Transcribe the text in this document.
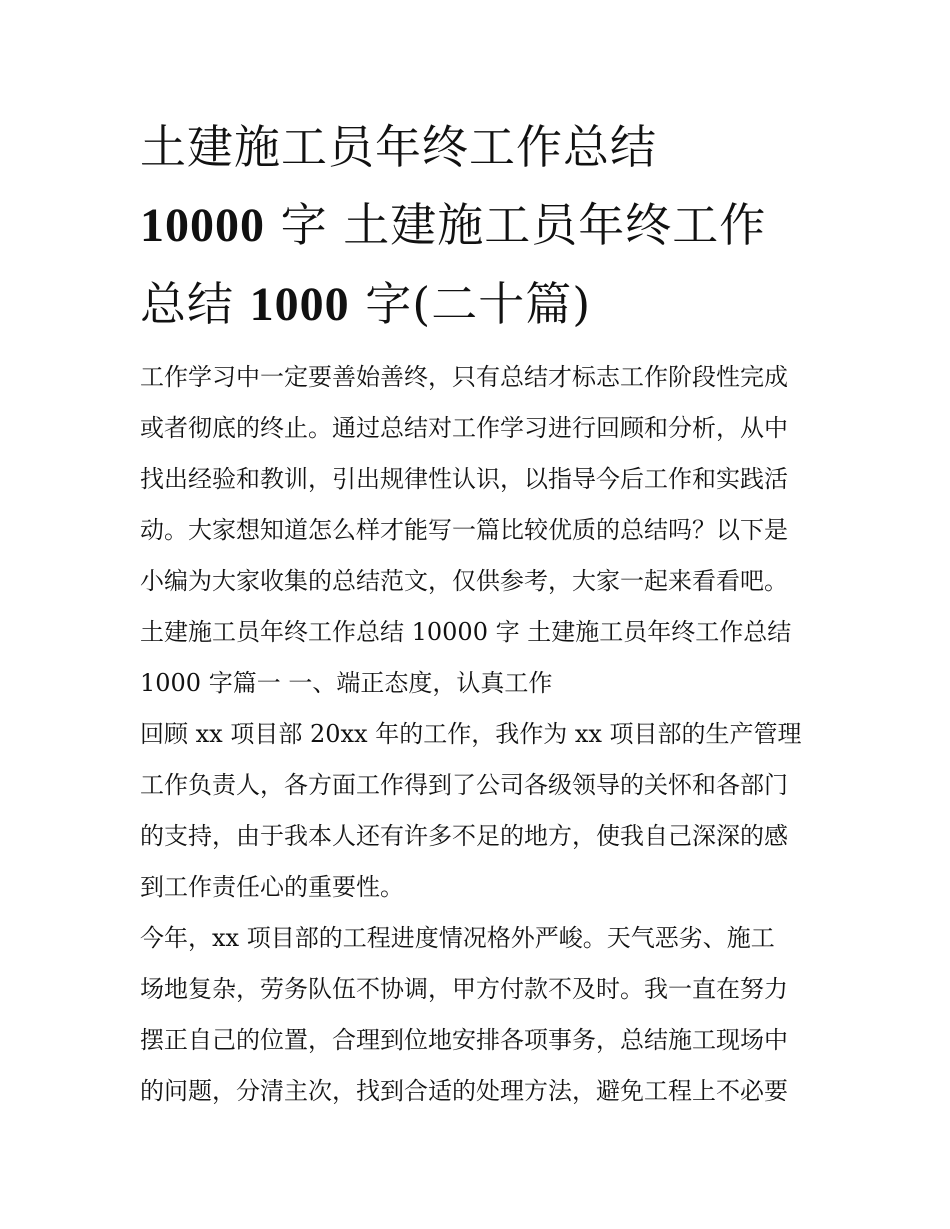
土建施工员年终工作总结
10000 字 土建施工员年终工作
总结 1000 字(二十篇)
工作学习中一定要善始善终，只有总结才标志工作阶段性完成
或者彻底的终止。通过总结对工作学习进行回顾和分析，从中
找出经验和教训，引出规律性认识，以指导今后工作和实践活
动。大家想知道怎么样才能写一篇比较优质的总结吗？以下是
小编为大家收集的总结范文，仅供参考，大家一起来看看吧。
土建施工员年终工作总结 10000 字 土建施工员年终工作总结
1000 字篇一 一、端正态度，认真工作
回顾 xx 项目部 20xx 年的工作，我作为 xx 项目部的生产管理
工作负责人，各方面工作得到了公司各级领导的关怀和各部门
的支持，由于我本人还有许多不足的地方，使我自己深深的感
到工作责任心的重要性。
今年，xx 项目部的工程进度情况格外严峻。天气恶劣、施工
场地复杂，劳务队伍不协调，甲方付款不及时。我一直在努力
摆正自己的位置，合理到位地安排各项事务，总结施工现场中
的问题，分清主次，找到合适的处理方法，避免工程上不必要
